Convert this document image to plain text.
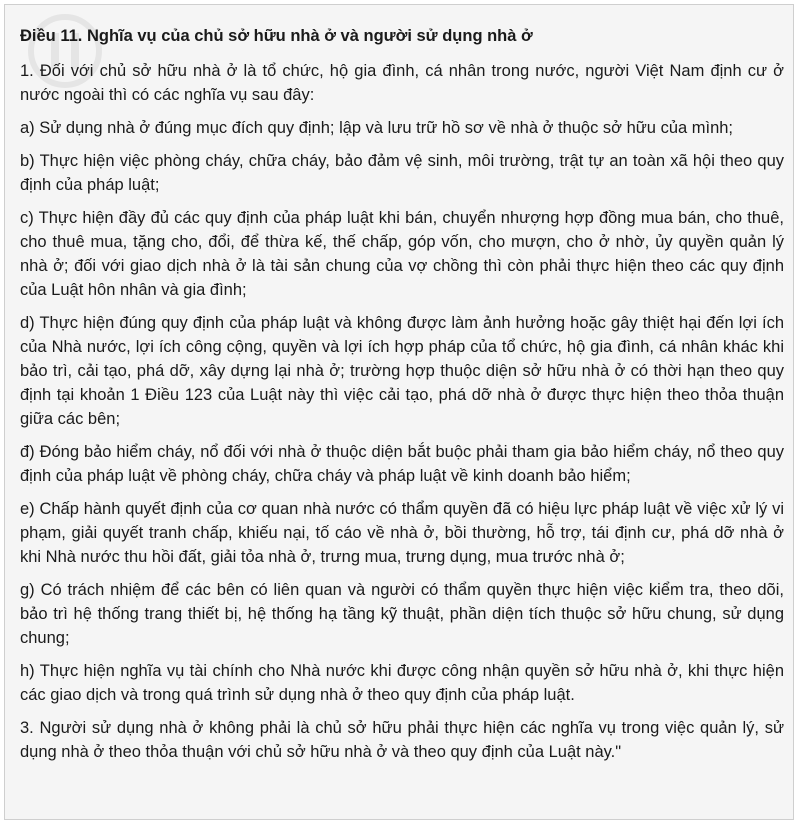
Điều 11. Nghĩa vụ của chủ sở hữu nhà ở và người sử dụng nhà ở

1. Đối với chủ sở hữu nhà ở là tổ chức, hộ gia đình, cá nhân trong nước, người Việt Nam định cư ở nước ngoài thì có các nghĩa vụ sau đây:

a) Sử dụng nhà ở đúng mục đích quy định; lập và lưu trữ hồ sơ về nhà ở thuộc sở hữu của mình;

b) Thực hiện việc phòng cháy, chữa cháy, bảo đảm vệ sinh, môi trường, trật tự an toàn xã hội theo quy định của pháp luật;

c) Thực hiện đầy đủ các quy định của pháp luật khi bán, chuyển nhượng hợp đồng mua bán, cho thuê, cho thuê mua, tặng cho, đổi, để thừa kế, thế chấp, góp vốn, cho mượn, cho ở nhờ, ủy quyền quản lý nhà ở; đối với giao dịch nhà ở là tài sản chung của vợ chồng thì còn phải thực hiện theo các quy định của Luật hôn nhân và gia đình;

d) Thực hiện đúng quy định của pháp luật và không được làm ảnh hưởng hoặc gây thiệt hại đến lợi ích của Nhà nước, lợi ích công cộng, quyền và lợi ích hợp pháp của tổ chức, hộ gia đình, cá nhân khác khi bảo trì, cải tạo, phá dỡ, xây dựng lại nhà ở; trường hợp thuộc diện sở hữu nhà ở có thời hạn theo quy định tại khoản 1 Điều 123 của Luật này thì việc cải tạo, phá dỡ nhà ở được thực hiện theo thỏa thuận giữa các bên;

đ) Đóng bảo hiểm cháy, nổ đối với nhà ở thuộc diện bắt buộc phải tham gia bảo hiểm cháy, nổ theo quy định của pháp luật về phòng cháy, chữa cháy và pháp luật về kinh doanh bảo hiểm;

e) Chấp hành quyết định của cơ quan nhà nước có thẩm quyền đã có hiệu lực pháp luật về việc xử lý vi phạm, giải quyết tranh chấp, khiếu nại, tố cáo về nhà ở, bồi thường, hỗ trợ, tái định cư, phá dỡ nhà ở khi Nhà nước thu hồi đất, giải tỏa nhà ở, trưng mua, trưng dụng, mua trước nhà ở;

g) Có trách nhiệm để các bên có liên quan và người có thẩm quyền thực hiện việc kiểm tra, theo dõi, bảo trì hệ thống trang thiết bị, hệ thống hạ tầng kỹ thuật, phần diện tích thuộc sở hữu chung, sử dụng chung;

h) Thực hiện nghĩa vụ tài chính cho Nhà nước khi được công nhận quyền sở hữu nhà ở, khi thực hiện các giao dịch và trong quá trình sử dụng nhà ở theo quy định của pháp luật.

3. Người sử dụng nhà ở không phải là chủ sở hữu phải thực hiện các nghĩa vụ trong việc quản lý, sử dụng nhà ở theo thỏa thuận với chủ sở hữu nhà ở và theo quy định của Luật này."
